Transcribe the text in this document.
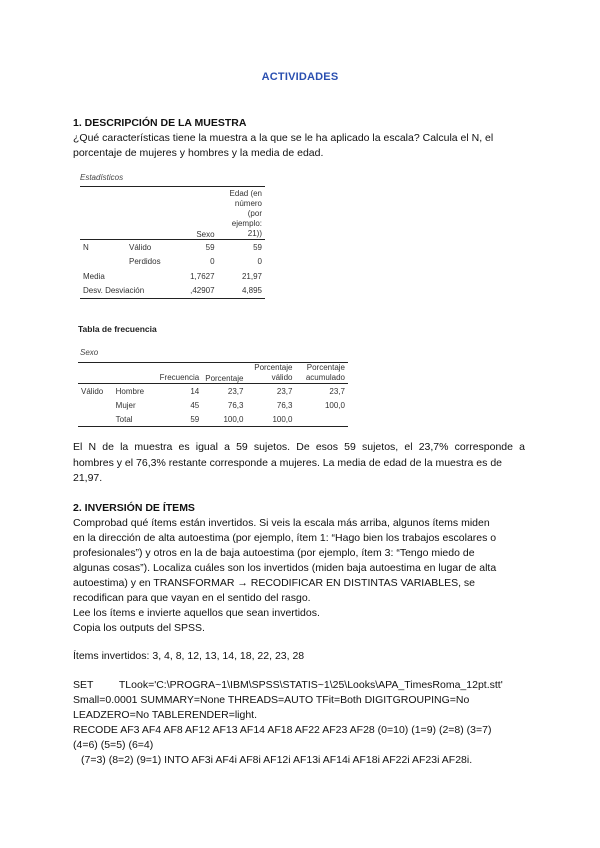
ACTIVIDADES
1. DESCRIPCIÓN DE LA MUESTRA
¿Qué características tiene la muestra a la que se le ha aplicado la escala? Calcula el N, el
porcentaje de mujeres y hombres y la media de edad.
Estadísticos
		Sexo	Edad (en
número
(por
ejemplo:
21))
N	Válido	59	59
	Perdidos	0	0
Media		1,7627	21,97
Desv. Desviación		,42907	4,895
Tabla de frecuencia
Sexo
		Frecuencia	Porcentaje	Porcentaje válido	Porcentaje acumulado
Válido	Hombre	14	23,7	23,7	23,7
	Mujer	45	76,3	76,3	100,0
	Total	59	100,0	100,0	
El N de la muestra es igual a 59 sujetos. De esos 59 sujetos, el 23,7% corresponde a
hombres y el 76,3% restante corresponde a mujeres. La media de edad de la muestra es de
21,97.
2. INVERSIÓN DE ÍTEMS
Comprobad qué ítems están invertidos. Si veis la escala más arriba, algunos ítems miden
en la dirección de alta autoestima (por ejemplo, ítem 1: “Hago bien los trabajos escolares o
profesionales”) y otros en la de baja autoestima (por ejemplo, ítem 3: “Tengo miedo de
algunas cosas”). Localiza cuáles son los invertidos (miden baja autoestima en lugar de alta
autoestima) y en TRANSFORMAR → RECODIFICAR EN DISTINTAS VARIABLES, se
recodifican para que vayan en el sentido del rasgo.
Lee los ítems e invierte aquellos que sean invertidos.
Copia los outputs del SPSS.
Ítems invertidos: 3, 4, 8, 12, 13, 14, 18, 22, 23, 28
SET TLook='C:\PROGRA~1\IBM\SPSS\STATIS~1\25\Looks\APA_TimesRoma_12pt.stt'
Small=0.0001 SUMMARY=None THREADS=AUTO TFit=Both DIGITGROUPING=No
LEADZERO=No TABLERENDER=light.
RECODE AF3 AF4 AF8 AF12 AF13 AF14 AF18 AF22 AF23 AF28 (0=10) (1=9) (2=8) (3=7)
(4=6) (5=5) (6=4)
(7=3) (8=2) (9=1) INTO AF3i AF4i AF8i AF12i AF13i AF14i AF18i AF22i AF23i AF28i.
